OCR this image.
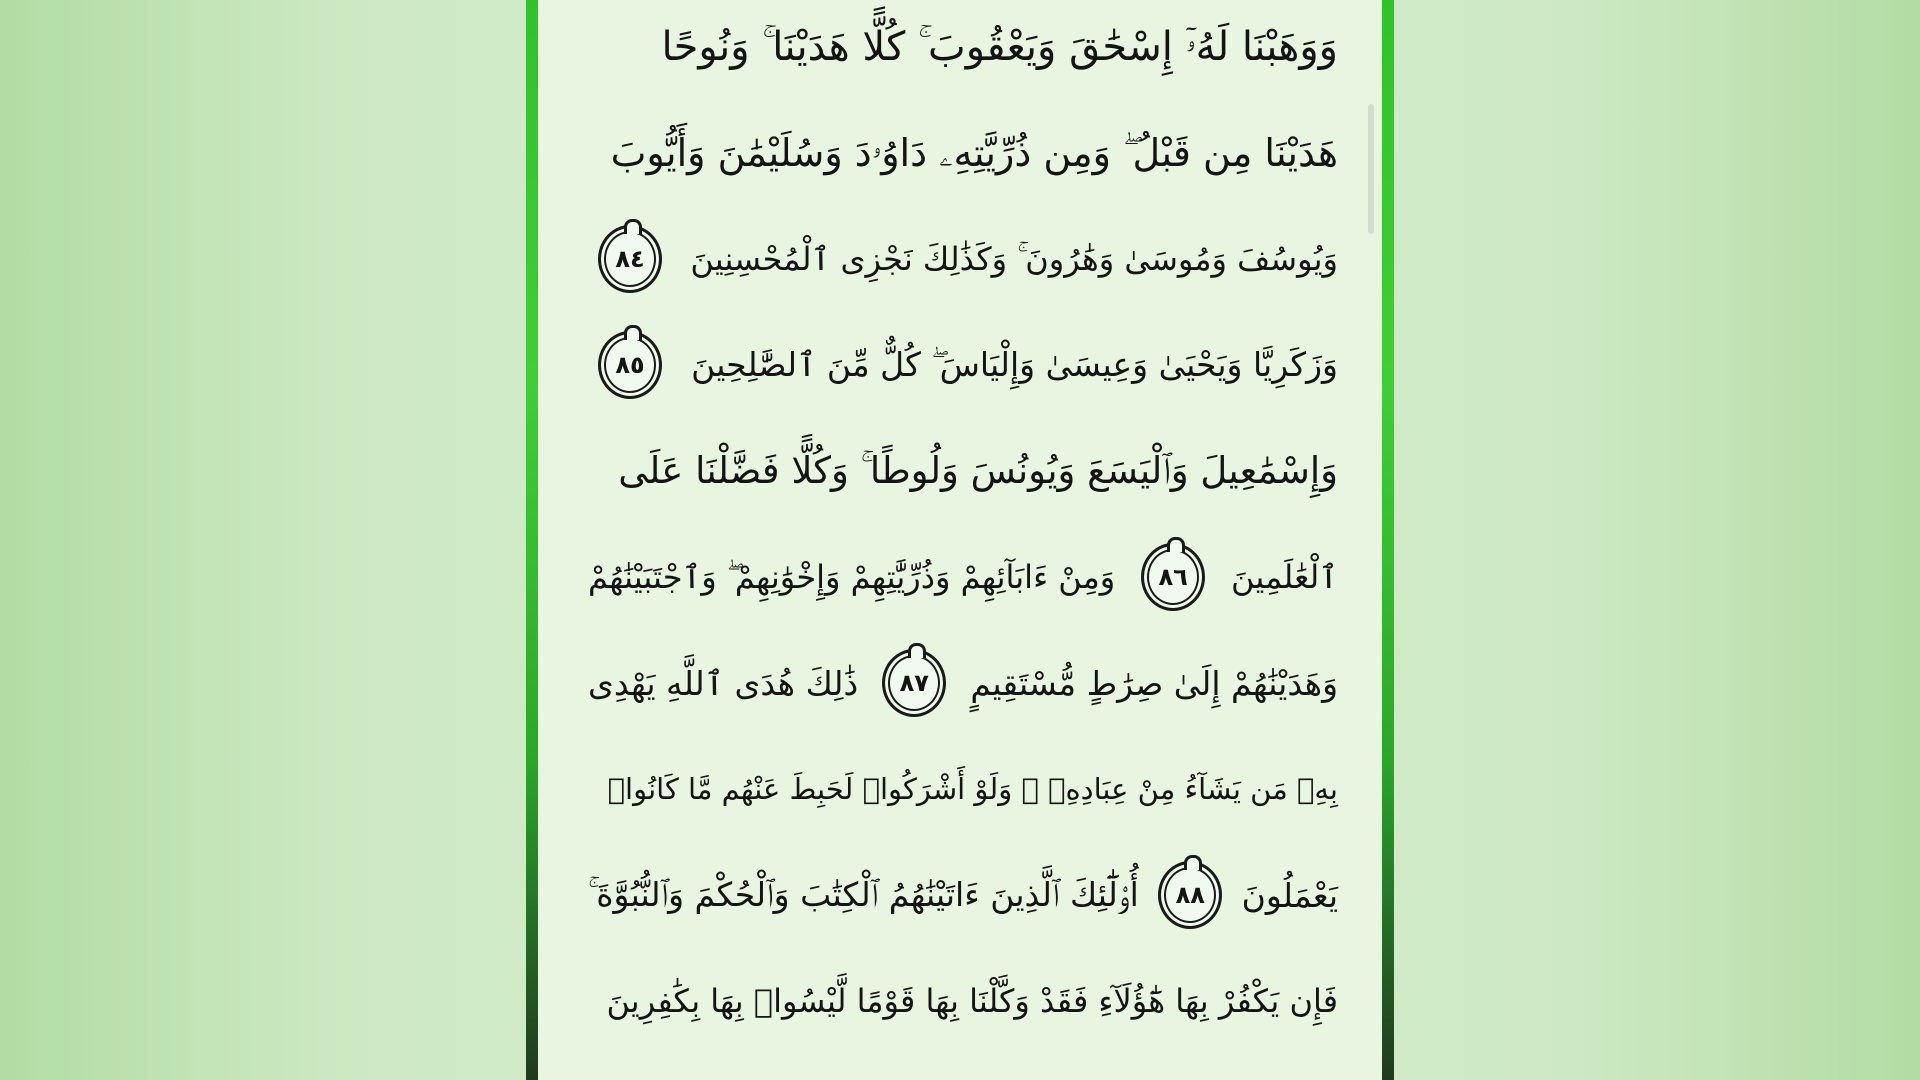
وَوَهَبْنَا لَهُۥٓ إِسْحَٰقَ وَيَعْقُوبَ ۚ كُلًّا هَدَيْنَا ۚ وَنُوحًا
هَدَيْنَا مِن قَبْلُ ۖ وَمِن ذُرِّيَّتِهِۦ دَاوُۥدَ وَسُلَيْمَٰنَ وَأَيُّوبَ
وَيُوسُفَ وَمُوسَىٰ وَهَٰرُونَ ۚ وَكَذَٰلِكَ نَجْزِى ٱلْمُحْسِنِينَ
٨٤
وَزَكَرِيَّا وَيَحْيَىٰ وَعِيسَىٰ وَإِلْيَاسَ ۖ كُلٌّ مِّنَ ٱلصَّٰلِحِينَ
٨٥
وَإِسْمَٰعِيلَ وَٱلْيَسَعَ وَيُونُسَ وَلُوطًا ۚ وَكُلًّا فَضَّلْنَا عَلَى
ٱلْعَٰلَمِينَ
٨٦
وَمِنْ ءَابَآئِهِمْ وَذُرِّيَّٰتِهِمْ وَإِخْوَٰنِهِمْ ۖ وَٱجْتَبَيْنَٰهُمْ
وَهَدَيْنَٰهُمْ إِلَىٰ صِرَٰطٍ مُّسْتَقِيمٍ
٨٧
ذَٰلِكَ هُدَى ٱللَّهِ يَهْدِى
بِهِۦ مَن يَشَآءُ مِنْ عِبَادِهِۦ ۚ وَلَوْ أَشْرَكُوا۟ لَحَبِطَ عَنْهُم مَّا كَانُوا۟
يَعْمَلُونَ
٨٨
أُو۟لَٰٓئِكَ ٱلَّذِينَ ءَاتَيْنَٰهُمُ ٱلْكِتَٰبَ وَٱلْحُكْمَ وَٱلنُّبُوَّةَ ۚ
فَإِن يَكْفُرْ بِهَا هَٰٓؤُلَآءِ فَقَدْ وَكَّلْنَا بِهَا قَوْمًا لَّيْسُوا۟ بِهَا بِكَٰفِرِينَ
